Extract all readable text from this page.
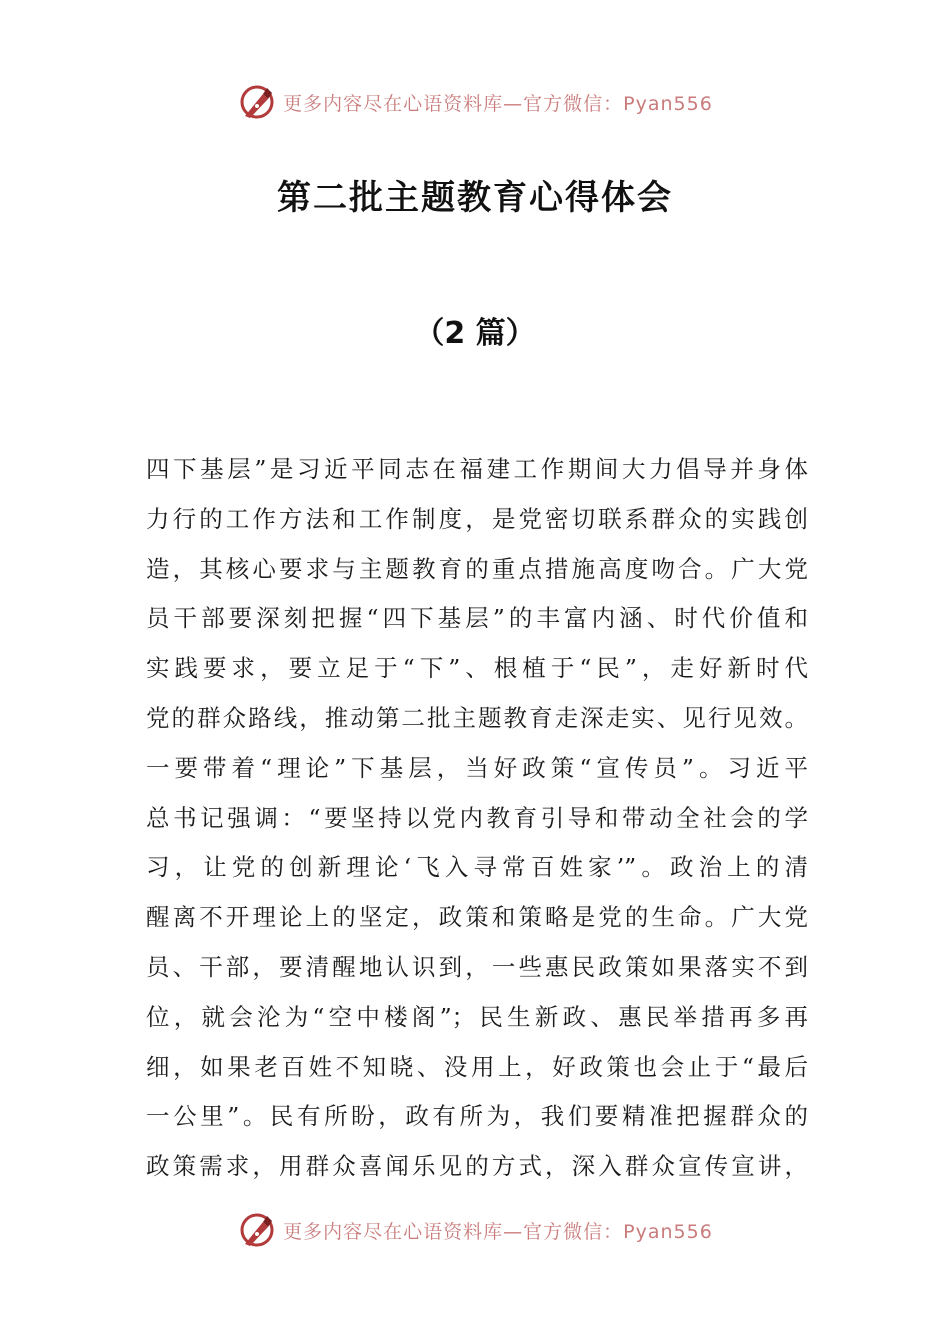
更多内容尽在心语资料库—官方微信：Pyan556
第二批主题教育心得体会
（2 篇）
四下基层”是习近平同志在福建工作期间大力倡导并身体
力行的工作方法和工作制度，是党密切联系群众的实践创
造，其核心要求与主题教育的重点措施高度吻合。广大党
员干部要深刻把握“四下基层”的丰富内涵、时代价值和
实践要求，要立足于“下”、根植于“民”，走好新时代
党的群众路线，推动第二批主题教育走深走实、见行见效。
一要带着“理论”下基层，当好政策“宣传员”。习近平
总书记强调：“要坚持以党内教育引导和带动全社会的学
习，让党的创新理论‘飞入寻常百姓家’”。政治上的清
醒离不开理论上的坚定，政策和策略是党的生命。广大党
员、干部，要清醒地认识到，一些惠民政策如果落实不到
位，就会沦为“空中楼阁”；民生新政、惠民举措再多再
细，如果老百姓不知晓、没用上，好政策也会止于“最后
一公里”。民有所盼，政有所为，我们要精准把握群众的
政策需求，用群众喜闻乐见的方式，深入群众宣传宣讲，
更多内容尽在心语资料库—官方微信：Pyan556
